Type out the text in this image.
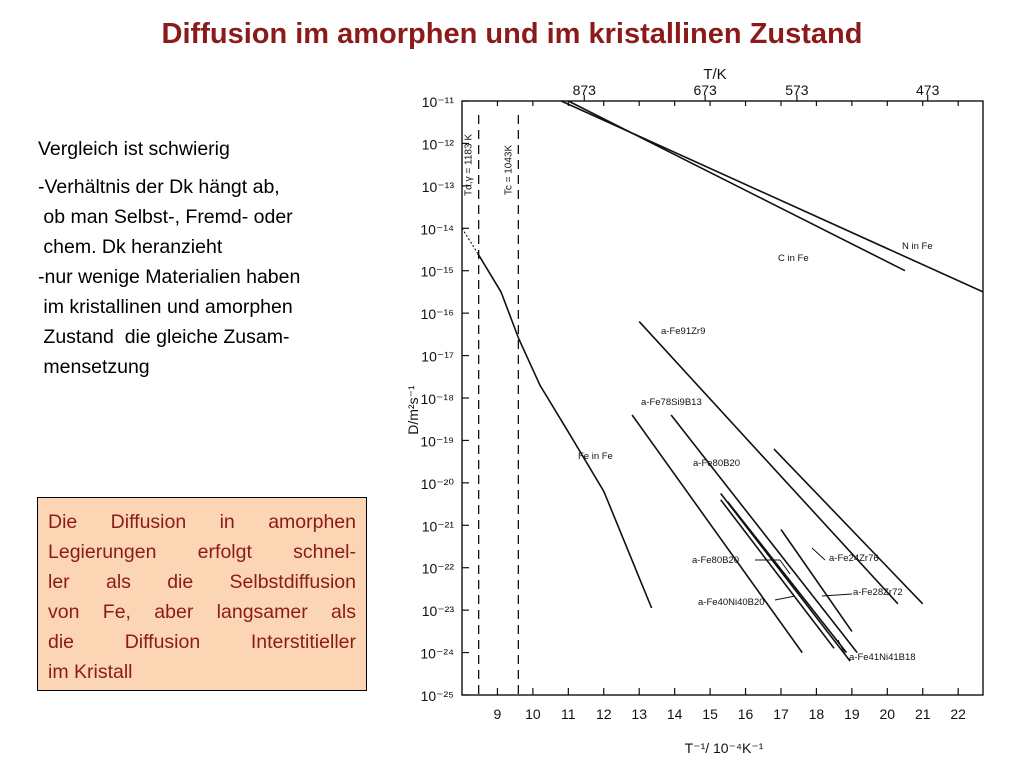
Diffusion im amorphen und im kristallinen Zustand

Vergleich ist schwierig

-Verhältnis der Dk hängt ab,

ob man Selbst-, Fremd- oder

chem. Dk heranzieht

-nur wenige Materialien haben

im kristallinen und amorphen

Zustand  die gleiche Zusam-

mensetzung

Die Diffusion in amorphen

Legierungen erfolgt schnel-

ler als die Selbstdiffusion

von Fe, aber langsamer als

die Diffusion Interstitieller

im Kristall

9 10 11 12 13 14 15 16 17 18 19 20 21 22
10⁻¹¹
10⁻¹²
10⁻¹³
10⁻¹⁴
10⁻¹⁵
10⁻¹⁶
10⁻¹⁷
10⁻¹⁸
10⁻¹⁹
10⁻²⁰
10⁻²¹
10⁻²²
10⁻²³
10⁻²⁴
10⁻²⁵
873	673	573	473
T/K
T⁻¹/ 10⁻⁴K⁻¹
D/m²s⁻¹
Tα,γ = 1183 K	Tc = 1043K
N in Fe
C in Fe
Fe in Fe
a-Fe91Zr9
a-Fe78Si9B13
a-Fe80B20
a-Fe80B20	a-Fe24Zr76
a-Fe28Zr72
a-Fe40Ni40B20
a-Fe41Ni41B18
